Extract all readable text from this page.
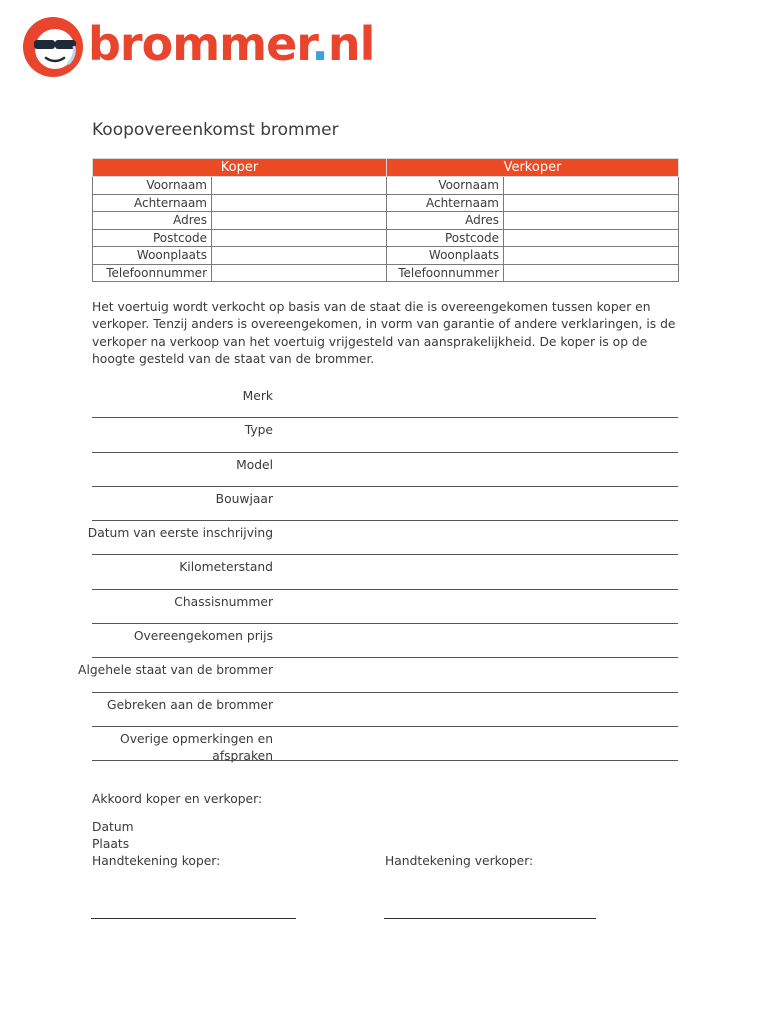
brommer.nl
Koopovereenkomst brommer
Koper		Verkoper	
Voornaam		Voornaam	
Achternaam		Achternaam	
Adres		Adres	
Postcode		Postcode	
Woonplaats		Woonplaats	
Telefoonnummer		Telefoonnummer	

Het voertuig wordt verkocht op basis van de staat die is overeengekomen tussen koper en verkoper. Tenzij anders is overeengekomen, in vorm van garantie of andere verklaringen, is de verkoper na verkoop van het voertuig vrijgesteld van aansprakelijkheid. De koper is op de hoogte gesteld van de staat van de brommer.

Merk
Type
Model
Bouwjaar
Datum van eerste inschrijving
Kilometerstand
Chassisnummer
Overeengekomen prijs
Algehele staat van de brommer
Gebreken aan de brommer
Overige opmerkingen en afspraken

Akkoord koper en verkoper:

Datum
Plaats
Handtekening koper:	Handtekening verkoper:
